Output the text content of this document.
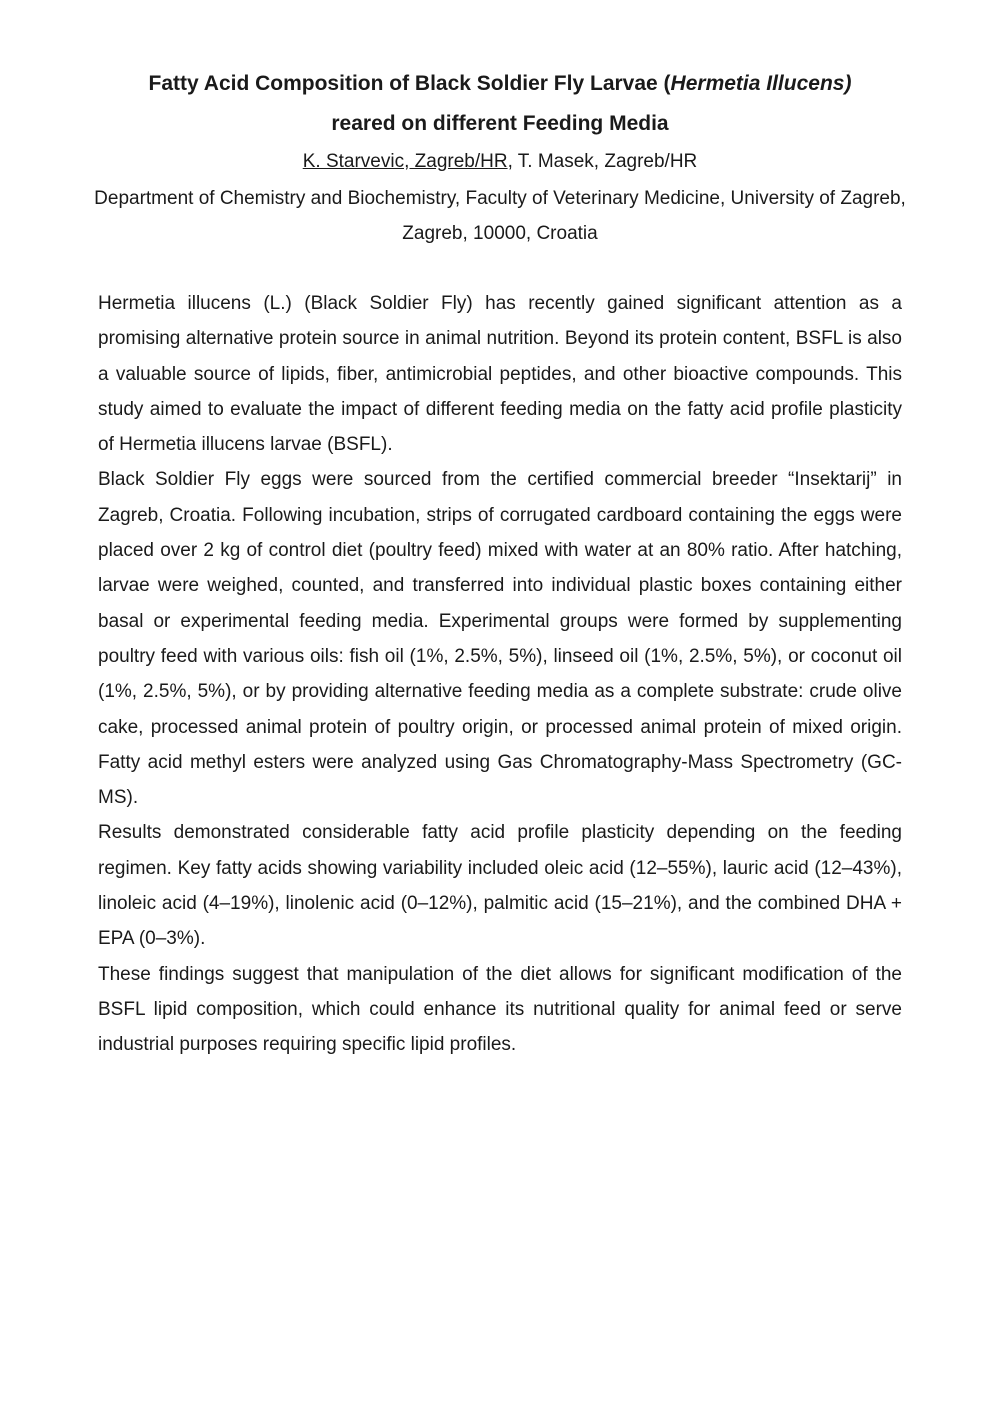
Fatty Acid Composition of Black Soldier Fly Larvae (Hermetia Illucens)
reared on different Feeding Media

K. Starvevic, Zagreb/HR, T. Masek, Zagreb/HR

Department of Chemistry and Biochemistry, Faculty of Veterinary Medicine, University of Zagreb, Zagreb, 10000, Croatia

Hermetia illucens (L.) (Black Soldier Fly) has recently gained significant attention as a promising alternative protein source in animal nutrition. Beyond its protein content, BSFL is also a valuable source of lipids, fiber, antimicrobial peptides, and other bioactive compounds. This study aimed to evaluate the impact of different feeding media on the fatty acid profile plasticity of Hermetia illucens larvae (BSFL).

Black Soldier Fly eggs were sourced from the certified commercial breeder “Insektarij” in Zagreb, Croatia. Following incubation, strips of corrugated cardboard containing the eggs were placed over 2 kg of control diet (poultry feed) mixed with water at an 80% ratio. After hatching, larvae were weighed, counted, and transferred into individual plastic boxes containing either basal or experimental feeding media. Experimental groups were formed by supplementing poultry feed with various oils: fish oil (1%, 2.5%, 5%), linseed oil (1%, 2.5%, 5%), or coconut oil (1%, 2.5%, 5%), or by providing alternative feeding media as a complete substrate: crude olive cake, processed animal protein of poultry origin, or processed animal protein of mixed origin. Fatty acid methyl esters were analyzed using Gas Chromatography-Mass Spectrometry (GC-MS).

Results demonstrated considerable fatty acid profile plasticity depending on the feeding regimen. Key fatty acids showing variability included oleic acid (12–55%), lauric acid (12–43%), linoleic acid (4–19%), linolenic acid (0–12%), palmitic acid (15–21%), and the combined DHA + EPA (0–3%).

These findings suggest that manipulation of the diet allows for significant modification of the BSFL lipid composition, which could enhance its nutritional quality for animal feed or serve industrial purposes requiring specific lipid profiles.
